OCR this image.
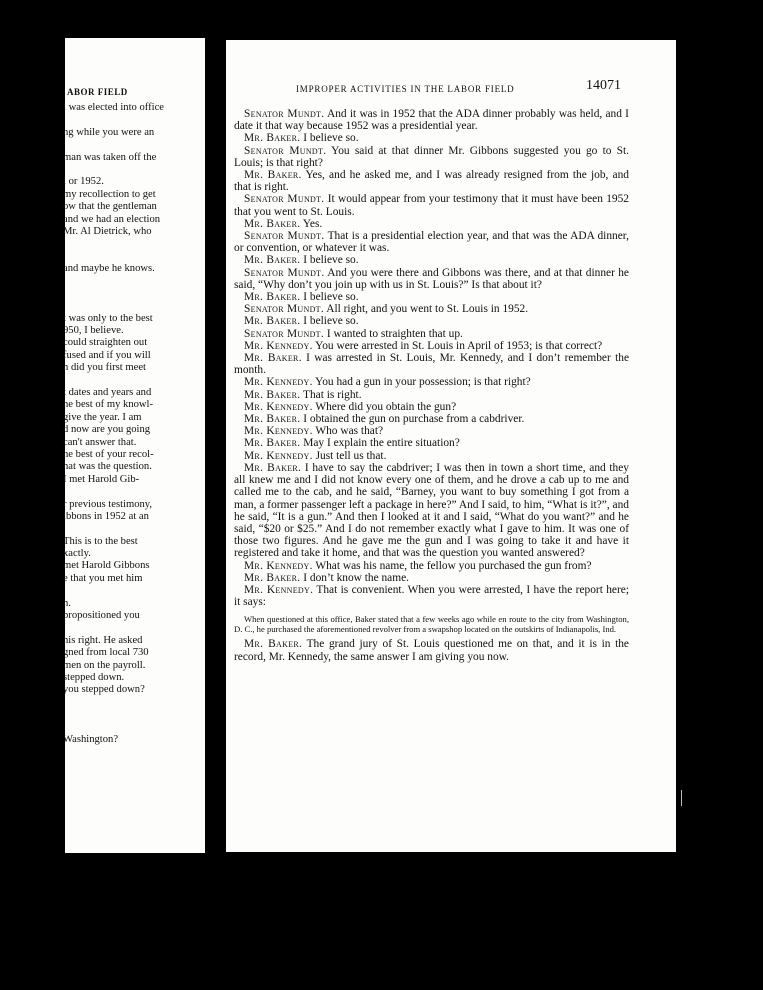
ABOR FIELD
l was elected into office
ng while you were an
man was taken off the
l or 1952.
my recollection to get
ow that the gentleman
and we had an election
Mr. Al Dietrick, who
and maybe he knows.
t was only to the best
950, I believe.
could straighten out
fused and if you will
n did you first meet
t dates and years and
he best of my knowl-
give the year. I am
d now are you going
can't answer that.
he best of your recol-
hat was the question.
I met Harold Gib-
r previous testimony,
ibbons in 1952 at an
This is to the best
xactly.
met Harold Gibbons
e that you met him
n.
propositioned you
his right. He asked
gned from local 730
men on the payroll.
stepped down.
you stepped down?
Washington?
IMPROPER ACTIVITIES IN THE LABOR FIELD	14071

Senator Mundt. And it was in 1952 that the ADA dinner probably was held, and I date it that way because 1952 was a presidential year.

Mr. Baker. I believe so.

Senator Mundt. You said at that dinner Mr. Gibbons suggested you go to St. Louis; is that right?

Mr. Baker. Yes, and he asked me, and I was already resigned from the job, and that is right.

Senator Mundt. It would appear from your testimony that it must have been 1952 that you went to St. Louis.

Mr. Baker. Yes.

Senator Mundt. That is a presidential election year, and that was the ADA dinner, or convention, or whatever it was.

Mr. Baker. I believe so.

Senator Mundt. And you were there and Gibbons was there, and at that dinner he said, “Why don’t you join up with us in St. Louis?” Is that about it?

Mr. Baker. I believe so.

Senator Mundt. All right, and you went to St. Louis in 1952.

Mr. Baker. I believe so.

Senator Mundt. I wanted to straighten that up.

Mr. Kennedy. You were arrested in St. Louis in April of 1953; is that correct?

Mr. Baker. I was arrested in St. Louis, Mr. Kennedy, and I don’t remember the month.

Mr. Kennedy. You had a gun in your possession; is that right?

Mr. Baker. That is right.

Mr. Kennedy. Where did you obtain the gun?

Mr. Baker. I obtained the gun on purchase from a cabdriver.

Mr. Kennedy. Who was that?

Mr. Baker. May I explain the entire situation?

Mr. Kennedy. Just tell us that.

Mr. Baker. I have to say the cabdriver; I was then in town a short time, and they all knew me and I did not know every one of them, and he drove a cab up to me and called me to the cab, and he said, “Barney, you want to buy something I got from a man, a former passenger left a package in here?” And I said, to him, “What is it?”, and he said, “It is a gun.” And then I looked at it and I said, “What do you want?” and he said, “$20 or $25.” And I do not remember exactly what I gave to him. It was one of those two figures. And he gave me the gun and I was going to take it and have it registered and take it home, and that was the question you wanted answered?

Mr. Kennedy. What was his name, the fellow you purchased the gun from?

Mr. Baker. I don’t know the name.

Mr. Kennedy. That is convenient. When you were arrested, I have the report here; it says:

When questioned at this office, Baker stated that a few weeks ago while en route to the city from Washington, D. C., he purchased the aforementioned revolver from a swapshop located on the outskirts of Indianapolis, Ind.

Mr. Baker. The grand jury of St. Louis questioned me on that, and it is in the record, Mr. Kennedy, the same answer I am giving you now.
